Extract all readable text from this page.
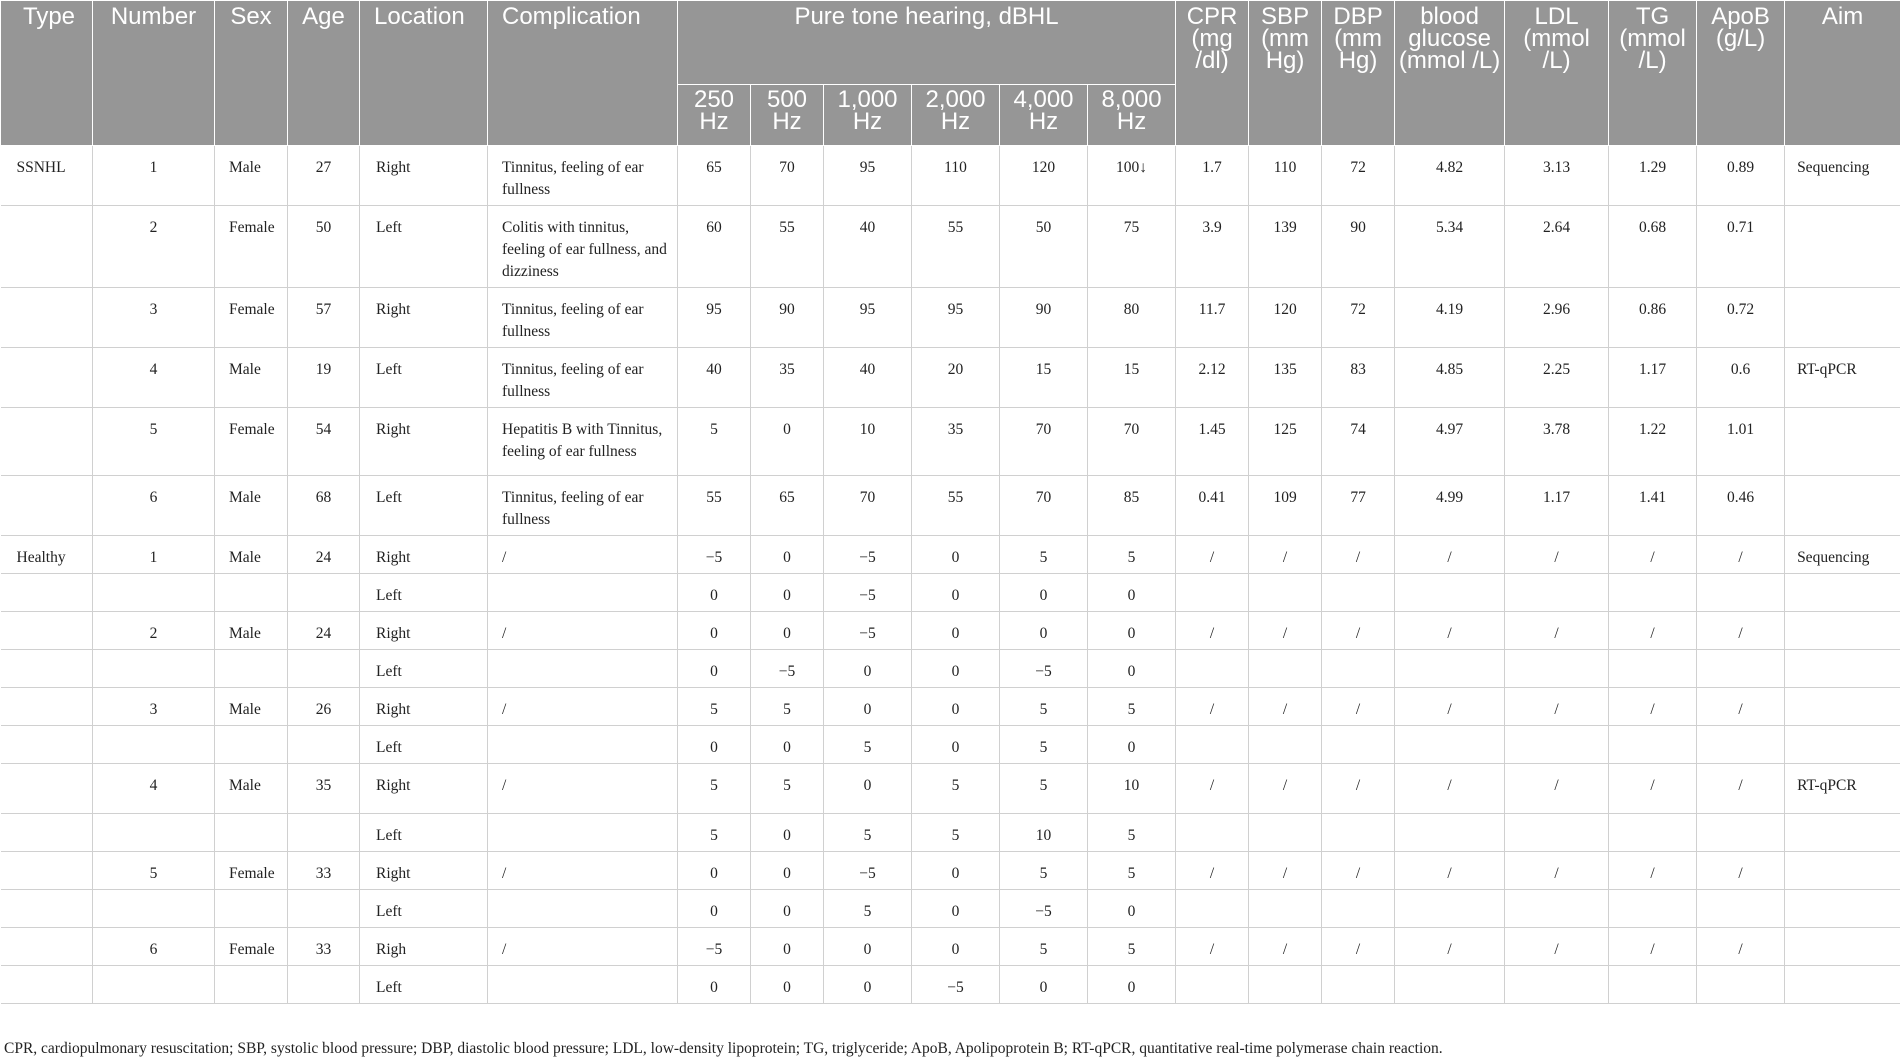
Type	Number	Sex	Age	Location	Complication	Pure tone hearing, dBHL						CPR (mg /dl)	SBP (mm Hg)	DBP (mm Hg)	blood glucose (mmol /L)	LDL (mmol /L)	TG (mmol /L)	ApoB (g/L)	Aim
						250 Hz	500 Hz	1,000 Hz	2,000 Hz	4,000 Hz	8,000 Hz								
SSNHL	1	Male	27	Right	Tinnitus, feeling of ear fullness	65	70	95	110	120	100↓	1.7	110	72	4.82	3.13	1.29	0.89	Sequencing
	2	Female	50	Left	Colitis with tinnitus, feeling of ear fullness, and dizziness	60	55	40	55	50	75	3.9	139	90	5.34	2.64	0.68	0.71	
	3	Female	57	Right	Tinnitus, feeling of ear fullness	95	90	95	95	90	80	11.7	120	72	4.19	2.96	0.86	0.72	
	4	Male	19	Left	Tinnitus, feeling of ear fullness	40	35	40	20	15	15	2.12	135	83	4.85	2.25	1.17	0.6	RT-qPCR
	5	Female	54	Right	Hepatitis B with Tinnitus, feeling of ear fullness	5	0	10	35	70	70	1.45	125	74	4.97	3.78	1.22	1.01	
	6	Male	68	Left	Tinnitus, feeling of ear fullness	55	65	70	55	70	85	0.41	109	77	4.99	1.17	1.41	0.46	
Healthy	1	Male	24	Right	/	−5	0	−5	0	5	5	/	/	/	/	/	/	/	Sequencing
				Left		0	0	−5	0	0	0								
	2	Male	24	Right	/	0	0	−5	0	0	0	/	/	/	/	/	/	/	
				Left		0	−5	0	0	−5	0								
	3	Male	26	Right	/	5	5	0	0	5	5	/	/	/	/	/	/	/	
				Left		0	0	5	0	5	0								
	4	Male	35	Right	/	5	5	0	5	5	10	/	/	/	/	/	/	/	RT-qPCR
				Left		5	0	5	5	10	5								
	5	Female	33	Right	/	0	0	−5	0	5	5	/	/	/	/	/	/	/	
				Left		0	0	5	0	−5	0								
	6	Female	33	Righ	/	−5	0	0	0	5	5	/	/	/	/	/	/	/	
				Left		0	0	0	−5	0	0								
CPR, cardiopulmonary resuscitation; SBP, systolic blood pressure; DBP, diastolic blood pressure; LDL, low-density lipoprotein; TG, triglyceride; ApoB, Apolipoprotein B; RT-qPCR, quantitative real-time polymerase chain reaction.
